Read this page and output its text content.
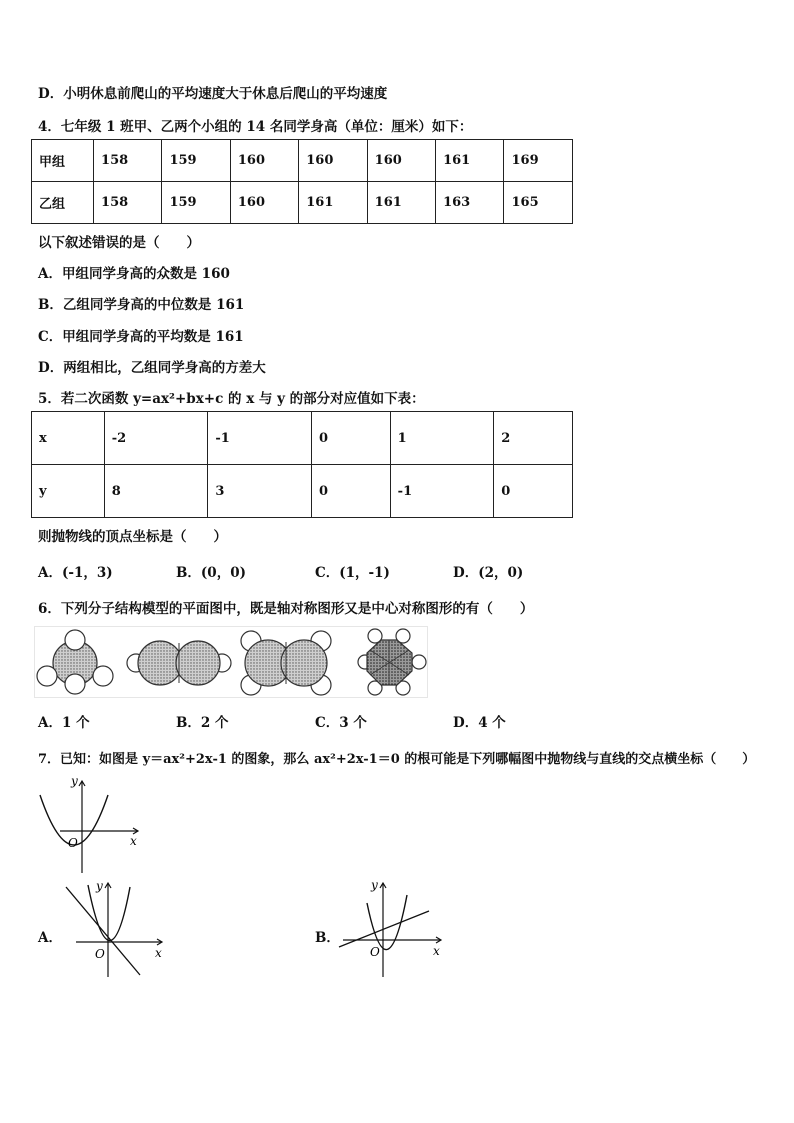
D．小明休息前爬山的平均速度大于休息后爬山的平均速度
4．七年级 1 班甲、乙两个小组的 14 名同学身高（单位：厘米）如下：
甲组	158	159	160	160	160	161	169
乙组	158	159	160	161	161	163	165
以下叙述错误的是（　　）
A．甲组同学身高的众数是 160
B．乙组同学身高的中位数是 161
C．甲组同学身高的平均数是 161
D．两组相比，乙组同学身高的方差大
5．若二次函数 y=ax²+bx+c 的 x 与 y 的部分对应值如下表：
x	-2	-1	0	1	2
y	8	3	0	-1	0
则抛物线的顶点坐标是（　　）
A．(-1，3)	B．(0，0)	C．(1，-1)	D．(2，0)
6．下列分子结构模型的平面图中，既是轴对称图形又是中心对称图形的有（　　）
A．1 个	B．2 个	C．3 个	D．4 个
7．已知：如图是 y＝ax²+2x-1 的图象，那么 ax²+2x-1＝0 的根可能是下列哪幅图中抛物线与直线的交点横坐标（　　）
y
x
O
A．
y
x
O
B．
y
x
O
